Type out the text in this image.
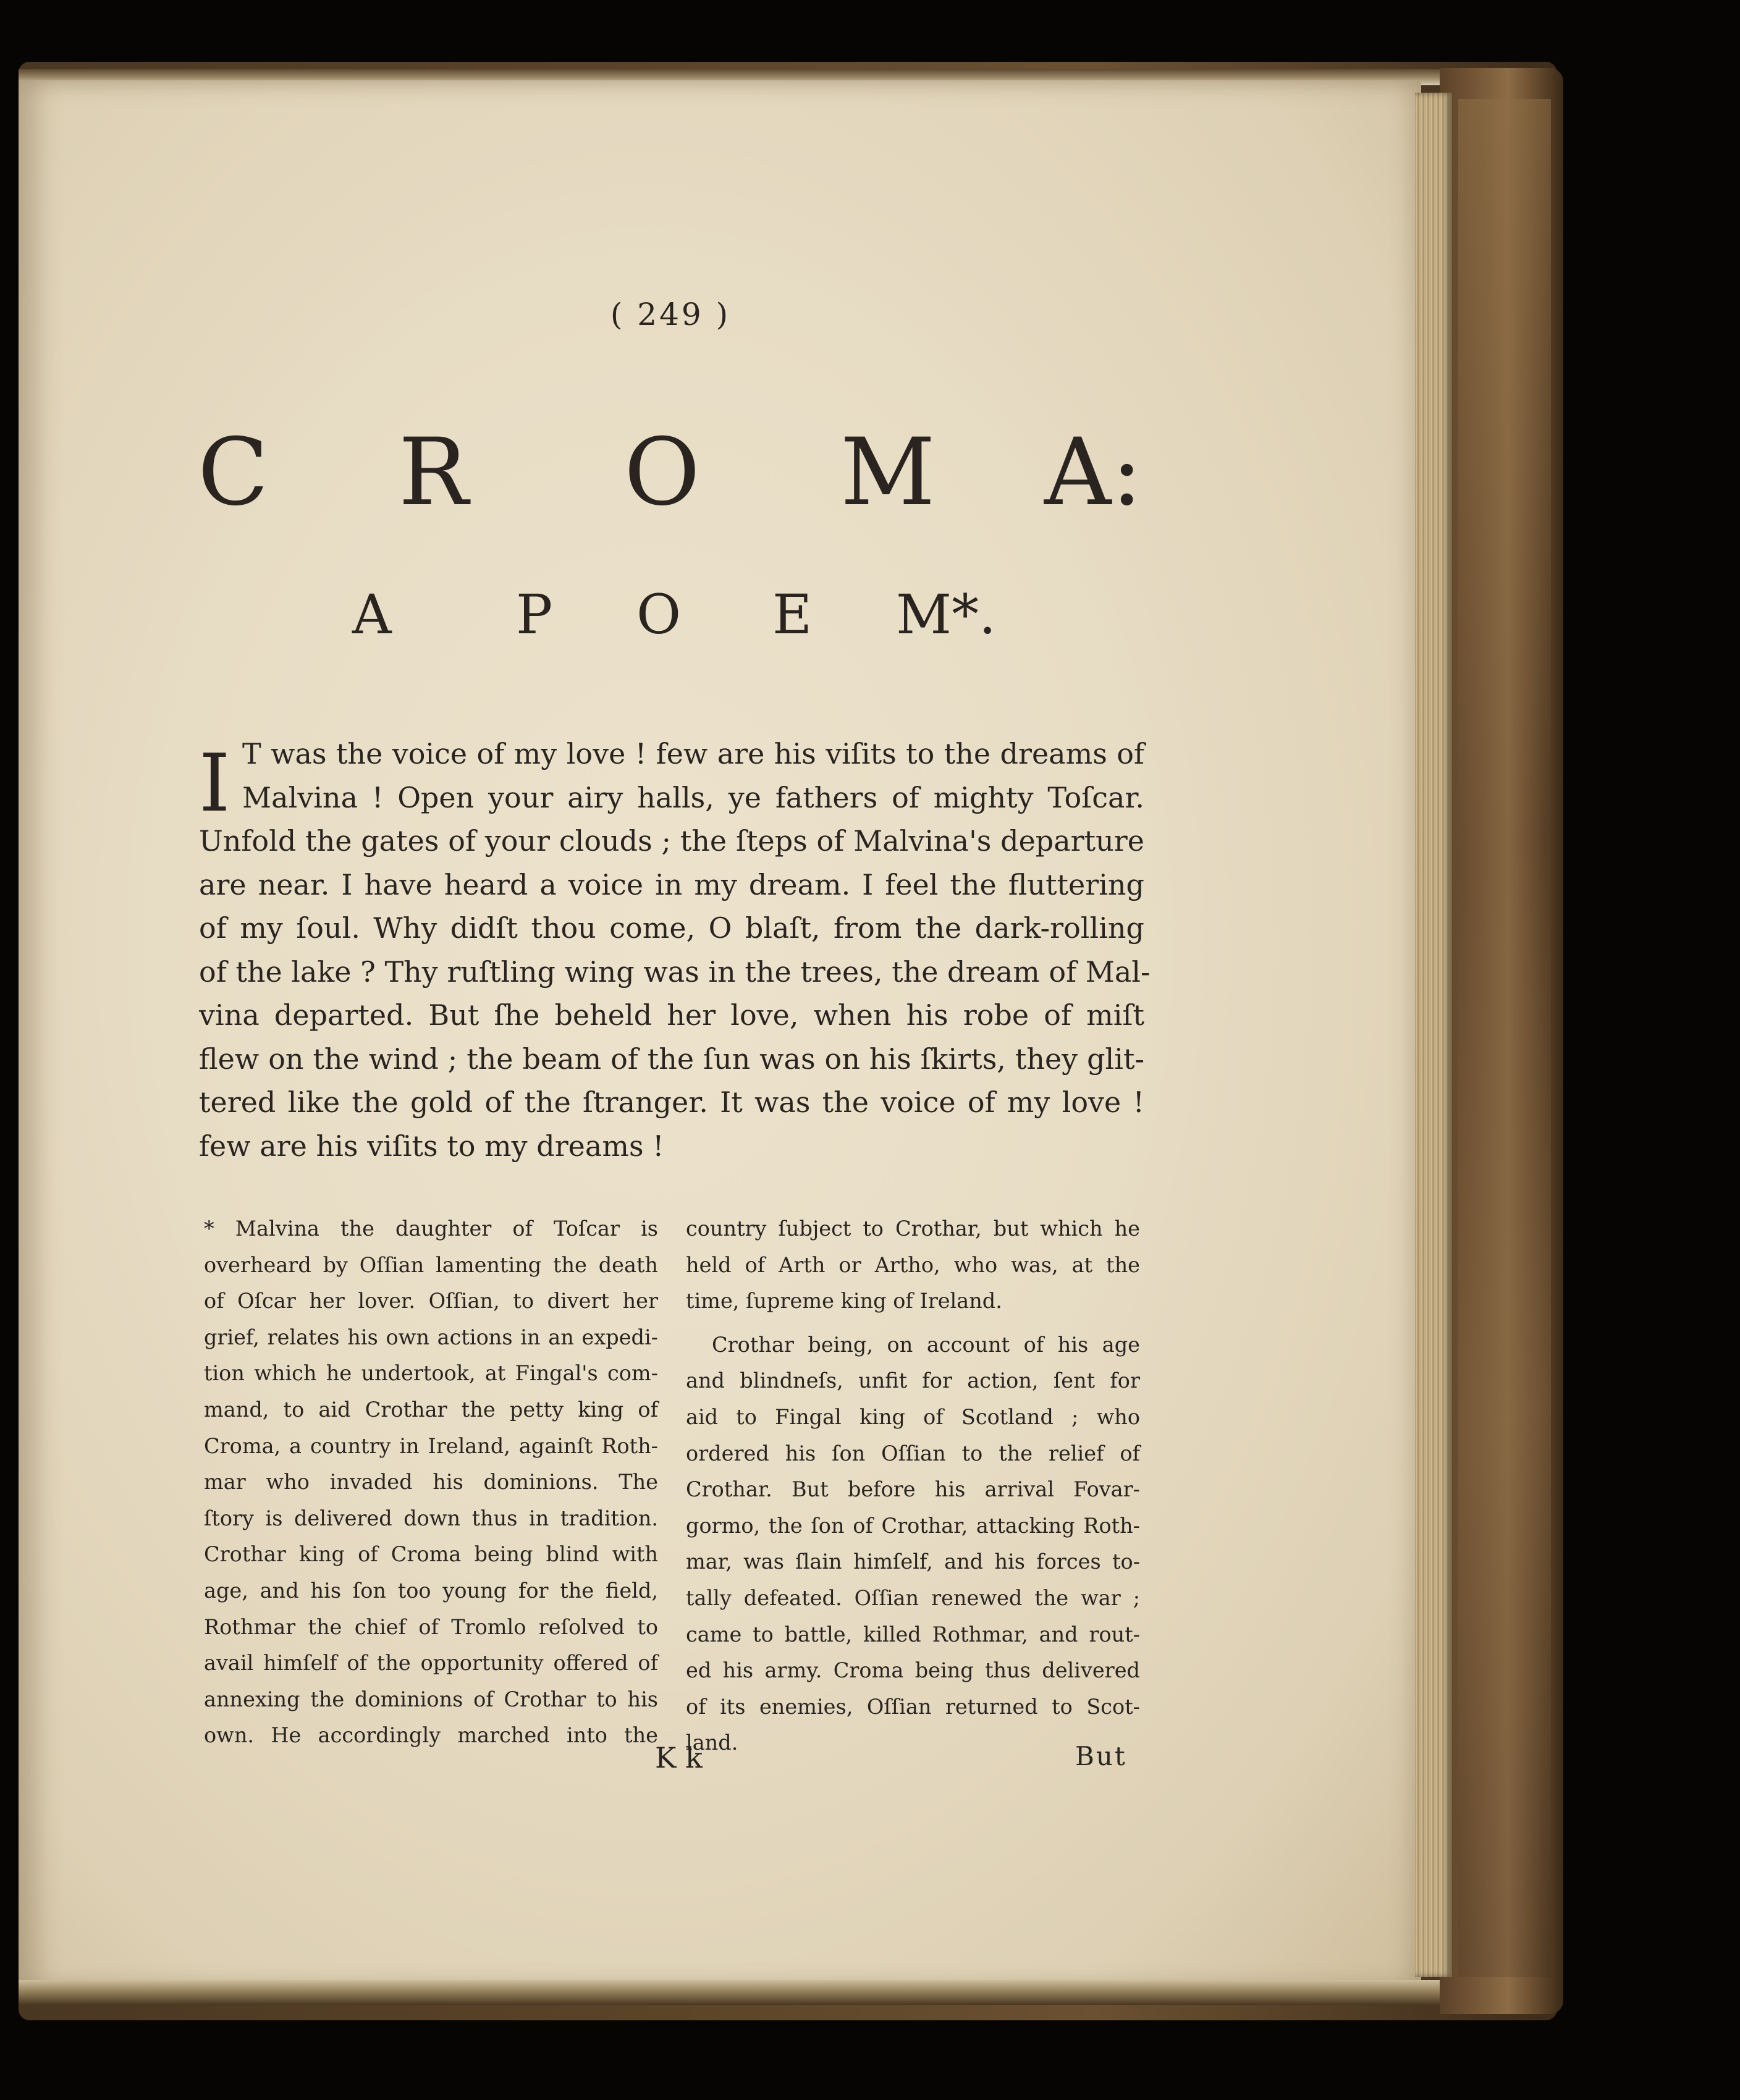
( 249 )
C R O M A:
A P O E M*.
I T was the voice of my love ! few are his viſits to the dreams of
Malvina ! Open your airy halls, ye fathers of mighty Toſcar.
Unfold the gates of your clouds ; the ſteps of Malvina's departure
are near. I have heard a voice in my dream. I feel the fluttering
of my ſoul. Why didſt thou come, O blaſt, from the dark-rolling
of the lake ? Thy ruſtling wing was in the trees, the dream of Mal-
vina departed. But ſhe beheld her love, when his robe of miſt
flew on the wind ; the beam of the ſun was on his ſkirts, they glit-
tered like the gold of the ſtranger. It was the voice of my love !
few are his viſits to my dreams !
* Malvina the daughter of Toſcar is
overheard by Oſſian lamenting the death
of Oſcar her lover. Oſſian, to divert her
grief, relates his own actions in an expedi-
tion which he undertook, at Fingal's com-
mand, to aid Crothar the petty king of
Croma, a country in Ireland, againſt Roth-
mar who invaded his dominions. The
ſtory is delivered down thus in tradition.
Crothar king of Croma being blind with
age, and his ſon too young for the field,
Rothmar the chief of Tromlo reſolved to
avail himſelf of the opportunity offered of
annexing the dominions of Crothar to his
own. He accordingly marched into the
country ſubject to Crothar, but which he
held of Arth or Artho, who was, at the
time, ſupreme king of Ireland.
Crothar being, on account of his age
and blindneſs, unfit for action, ſent for
aid to Fingal king of Scotland ; who
ordered his ſon Oſſian to the relief of
Crothar. But before his arrival Fovar-
gormo, the ſon of Crothar, attacking Roth-
mar, was ſlain himſelf, and his forces to-
tally defeated. Oſſian renewed the war ;
came to battle, killed Rothmar, and rout-
ed his army. Croma being thus delivered
of its enemies, Oſſian returned to Scot-
land.
K k	But
